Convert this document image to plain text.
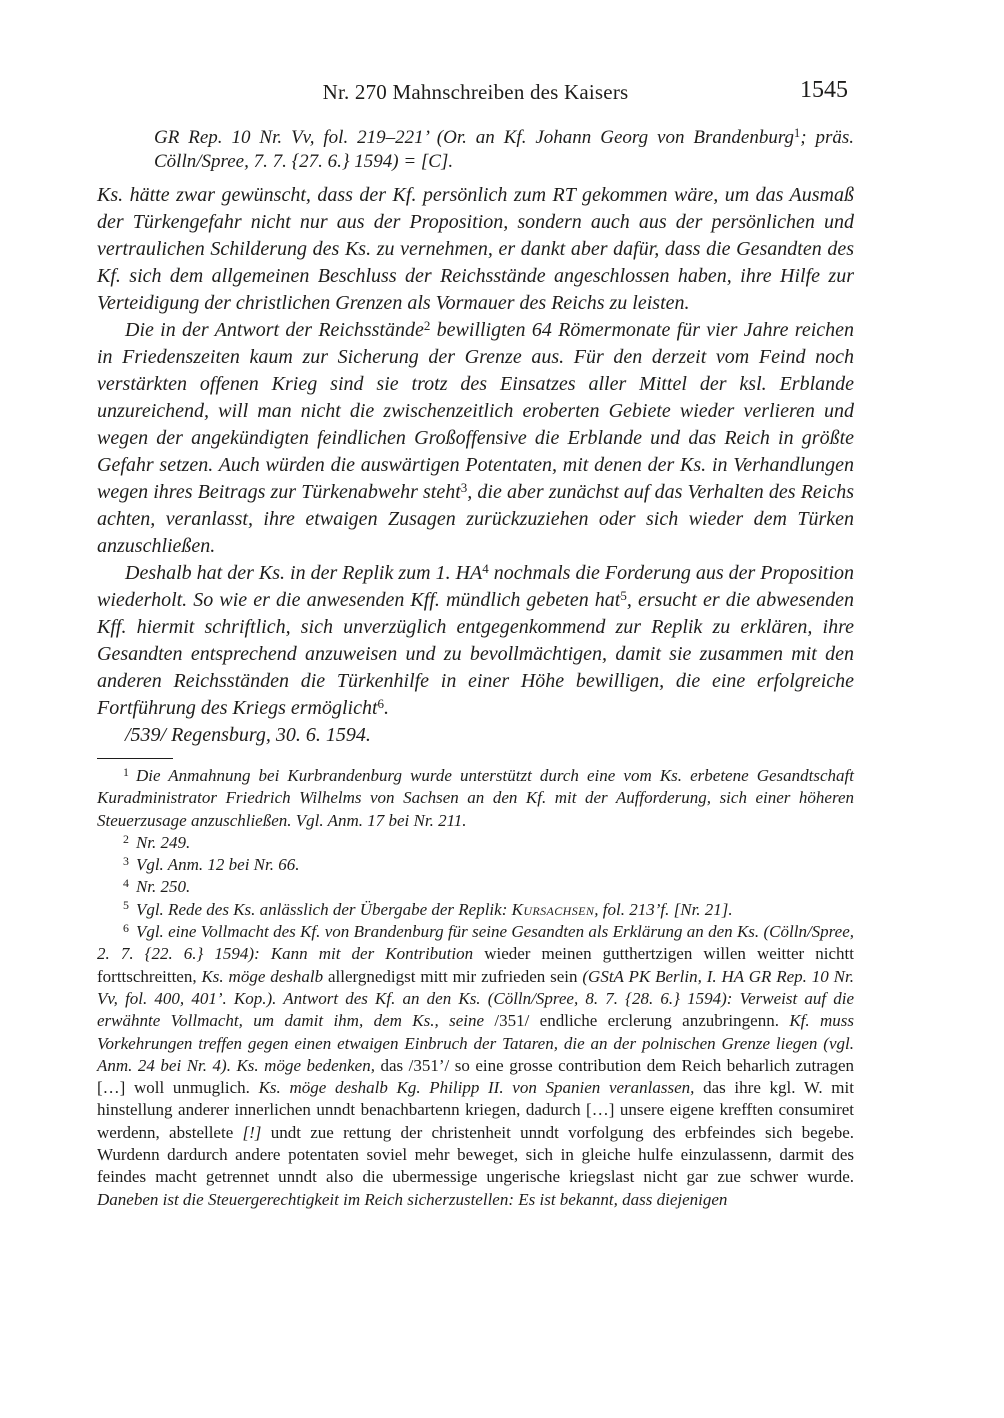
Nr. 270 Mahnschreiben des Kaisers	1545
GR Rep. 10 Nr. Vv, fol. 219–221’ (Or. an Kf. Johann Georg von Brandenburg$^1$; präs. Cölln/Spree, 7. 7. {27. 6.} 1594) = [C].

Ks. hätte zwar gewünscht, dass der Kf. persönlich zum RT gekommen wäre, um das Ausmaß der Türkengefahr nicht nur aus der Proposition, sondern auch aus der persönlichen und vertraulichen Schilderung des Ks. zu vernehmen, er dankt aber dafür, dass die Gesandten des Kf. sich dem allgemeinen Beschluss der Reichsstände angeschlossen haben, ihre Hilfe zur Verteidigung der christlichen Grenzen als Vormauer des Reichs zu leisten.

Die in der Antwort der Reichsstände$^2$ bewilligten 64 Römermonate für vier Jahre reichen in Friedenszeiten kaum zur Sicherung der Grenze aus. Für den derzeit vom Feind noch verstärkten offenen Krieg sind sie trotz des Einsatzes aller Mittel der ksl. Erblande unzureichend, will man nicht die zwischenzeitlich eroberten Gebiete wieder verlieren und wegen der angekündigten feindlichen Großoffensive die Erblande und das Reich in größte Gefahr setzen. Auch würden die auswärtigen Potentaten, mit denen der Ks. in Verhandlungen wegen ihres Beitrags zur Türkenabwehr steht$^3$, die aber zunächst auf das Verhalten des Reichs achten, veranlasst, ihre etwaigen Zusagen zurückzuziehen oder sich wieder dem Türken anzuschließen.

Deshalb hat der Ks. in der Replik zum 1. $HA^4$ nochmals die Forderung aus der Proposition wiederholt. So wie er die anwesenden Kff. mündlich gebeten hat$^5$, ersucht er die abwesenden Kff. hiermit schriftlich, sich unverzüglich entgegenkommend zur Replik zu erklären, ihre Gesandten entsprechend anzuweisen und zu bevollmächtigen, damit sie zusammen mit den anderen Reichsständen die Türkenhilfe in einer Höhe bewilligen, die eine erfolgreiche Fortführung des Kriegs ermöglicht$^6$.

/539/ Regensburg, 30. 6. 1594.

$^1$ Die Anmahnung bei Kurbrandenburg wurde unterstützt durch eine vom Ks. erbetene Gesandtschaft Kuradministrator Friedrich Wilhelms von Sachsen an den Kf. mit der Aufforderung, sich einer höheren Steuerzusage anzuschließen. Vgl. Anm. 17 bei Nr. 211.

$^2$ Nr. 249.

$^3$ Vgl. Anm. 12 bei Nr. 66.

$^4$ Nr. 250.

$^5$ Vgl. Rede des Ks. anlässlich der Übergabe der Replik: Kursachsen, fol. 213’f. [Nr. 21].

$^6$ Vgl. eine Vollmacht des Kf. von Brandenburg für seine Gesandten als Erklärung an den Ks. (Cölln/Spree, 2. 7. {22. 6.} 1594): Kann mit der Kontribution wieder meinen gutthertzigen willen weitter nichtt forttschreitten, Ks. möge deshalb allergnedigst mitt mir zufrieden sein (GStA PK Berlin, I. HA GR Rep. 10 Nr. Vv, fol. 400, 401’. Kop.). Antwort des Kf. an den Ks. (Cölln/Spree, 8. 7. {28. 6.} 1594): Verweist auf die erwähnte Vollmacht, um damit ihm, dem Ks., seine /351/ endliche erclerung anzubringenn. Kf. muss Vorkehrungen treffen gegen einen etwaigen Einbruch der Tataren, die an der polnischen Grenze liegen (vgl. Anm. 24 bei Nr. 4). Ks. möge bedenken, das /351’/ so eine grosse contribution dem Reich beharlich zutragen […] woll unmuglich. Ks. möge deshalb Kg. Philipp II. von Spanien veranlassen, das ihre kgl. W. mit hinstellung anderer innerlichen unndt benachbartenn kriegen, dadurch […] unsere eigene krefften consumiret werdenn, abstellete [!] undt zue rettung der christenheit unndt vorfolgung des erbfeindes sich begebe. Wurdenn dardurch andere potentaten soviel mehr beweget, sich in gleiche hulfe einzulassenn, darmit des feindes macht getrennet unndt also die ubermessige ungerische kriegslast nicht gar zue schwer wurde. Daneben ist die Steuergerechtigkeit im Reich sicherzustellen: Es ist bekannt, dass diejenigen
